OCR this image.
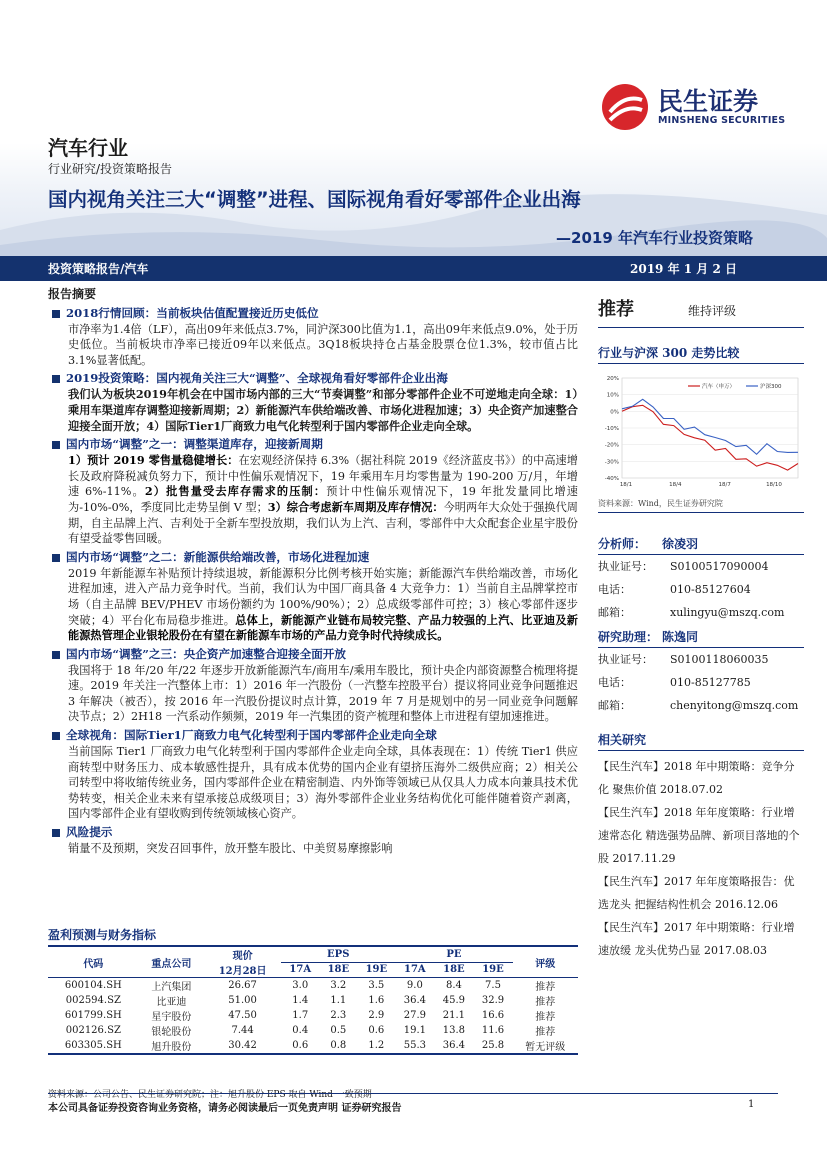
民生证券
MINSHENG SECURITIES
汽车行业
行业研究/投资策略报告
国内视角关注三大“调整”进程、国际视角看好零部件企业出海
—2019 年汽车行业投资策略
投资策略报告/汽车	2019 年 1 月 2 日
报告摘要
2018行情回顾：当前板块估值配置接近历史低位
市净率为1.4倍（LF），高出09年来低点3.7%，同沪深300比值为1.1，高出09年来低点9.0%，处于历史低位。当前板块市净率已接近09年以来低点。3Q18板块持仓占基金股票仓位1.3%，较市值占比3.1%显著低配。
2019投资策略：国内视角关注三大“调整”、全球视角看好零部件企业出海
我们认为板块2019年机会在中国市场内部的三大“节奏调整”和部分零部件企业不可逆地走向全球：1）乘用车渠道库存调整迎接新周期；2）新能源汽车供给端改善、市场化进程加速；3）央企资产加速整合迎接全面开放；4）国际Tier1厂商致力电气化转型利于国内零部件企业走向全球。
国内市场“调整”之一：调整渠道库存，迎接新周期
1）预计 2019 零售量稳健增长：在宏观经济保持 6.3%（据社科院 2019《经济蓝皮书》）的中高速增长及政府降税减负努力下，预计中性偏乐观情况下，19 年乘用车月均零售量为 190-200 万/月，年增速 6%-11%。2）批售量受去库存需求的压制：预计中性偏乐观情况下，19 年批发量同比增速为-10%-0%，季度同比走势呈倒 V 型；3）综合考虑新车周期及库存情况：今明两年大众处于强换代周期，自主品牌上汽、吉利处于全新车型投放期，我们认为上汽、吉利，零部件中大众配套企业星宇股份有望受益零售回暖。
国内市场“调整”之二：新能源供给端改善，市场化进程加速
2019 年新能源车补贴预计持续退坡，新能源积分比例考核开始实施；新能源汽车供给端改善，市场化进程加速，进入产品力竞争时代。当前，我们认为中国厂商具备 4 大竞争力：1）当前自主品牌掌控市场（自主品牌 BEV/PHEV 市场份额约为 100%/90%）；2）总成级零部件可控；3）核心零部件逐步突破；4）平台化布局稳步推进。总体上，新能源产业链布局较完整、产品力较强的上汽、比亚迪及新能源热管理企业银轮股份在有望在新能源车市场的产品力竞争时代持续成长。
国内市场“调整”之三：央企资产加速整合迎接全面开放
我国将于 18 年/20 年/22 年逐步开放新能源汽车/商用车/乘用车股比，预计央企内部资源整合梳理将提速。2019 年关注一汽整体上市：1）2016 年一汽股份（一汽整车控股平台）提议将同业竞争问题推迟 3 年解决（被否），按 2016 年一汽股份提议时点计算，2019 年 7 月是规划中的另一同业竞争问题解决节点；2）2H18 一汽系动作频频，2019 年一汽集团的资产梳理和整体上市进程有望加速推进。
全球视角：国际Tier1厂商致力电气化转型利于国内零部件企业走向全球
当前国际 Tier1 厂商致力电气化转型利于国内零部件企业走向全球，具体表现在：1）传统 Tier1 供应商转型中财务压力、成本敏感性提升，具有成本优势的国内企业有望挤压海外二级供应商；2）相关公司转型中将收缩传统业务，国内零部件企业在精密制造、内外饰等领域已从仅具人力成本向兼具技术优势转变，相关企业未来有望承接总成级项目；3）海外零部件企业业务结构优化可能伴随着资产剥离，国内零部件企业有望收购到传统领域核心资产。
风险提示
销量不及预期，突发召回事件，放开整车股比、中美贸易摩擦影响
推荐	维持评级
行业与沪深 300 走势比较
20%
10%
0%
-10%
-20%
-30%
-40%
18/1	18/4	18/7	18/10
汽车（申万）	沪深300
资料来源：Wind，民生证券研究院
分析师： 徐凌羽
执业证号：	S0100517090004
电话：	010-85127604
邮箱：	xulingyu@mszq.com
研究助理： 陈逸同
执业证号：	S0100118060035
电话：	010-85127785
邮箱：	chenyitong@mszq.com
相关研究
【民生汽车】2018 年中期策略：竞争分化 聚焦价值 2018.07.02
【民生汽车】2018 年年度策略：行业增速常态化 精选强势品牌、新项目落地的个股 2017.11.29
【民生汽车】2017 年年度策略报告：优选龙头 把握结构性机会 2016.12.06
【民生汽车】2017 年中期策略：行业增速放缓 龙头优势凸显 2017.08.03
盈利预测与财务指标
代码	重点公司	现价	EPS			PE			评级
		12月28日	17A	18E	19E	17A	18E	19E	
600104.SH	上汽集团	26.67	3.0	3.2	3.5	9.0	8.4	7.5	推荐
002594.SZ	比亚迪	51.00	1.4	1.1	1.6	36.4	45.9	32.9	推荐
601799.SH	星宇股份	47.50	1.7	2.3	2.9	27.9	21.1	16.6	推荐
002126.SZ	银轮股份	7.44	0.4	0.5	0.6	19.1	13.8	11.6	推荐
603305.SH	旭升股份	30.42	0.6	0.8	1.2	55.3	36.4	25.8	暂无评级
资料来源：公司公告、民生证券研究院；注：旭升股份 EPS 取自 Wind 一致预期
本公司具备证券投资咨询业务资格，请务必阅读最后一页免责声明 证券研究报告	1
